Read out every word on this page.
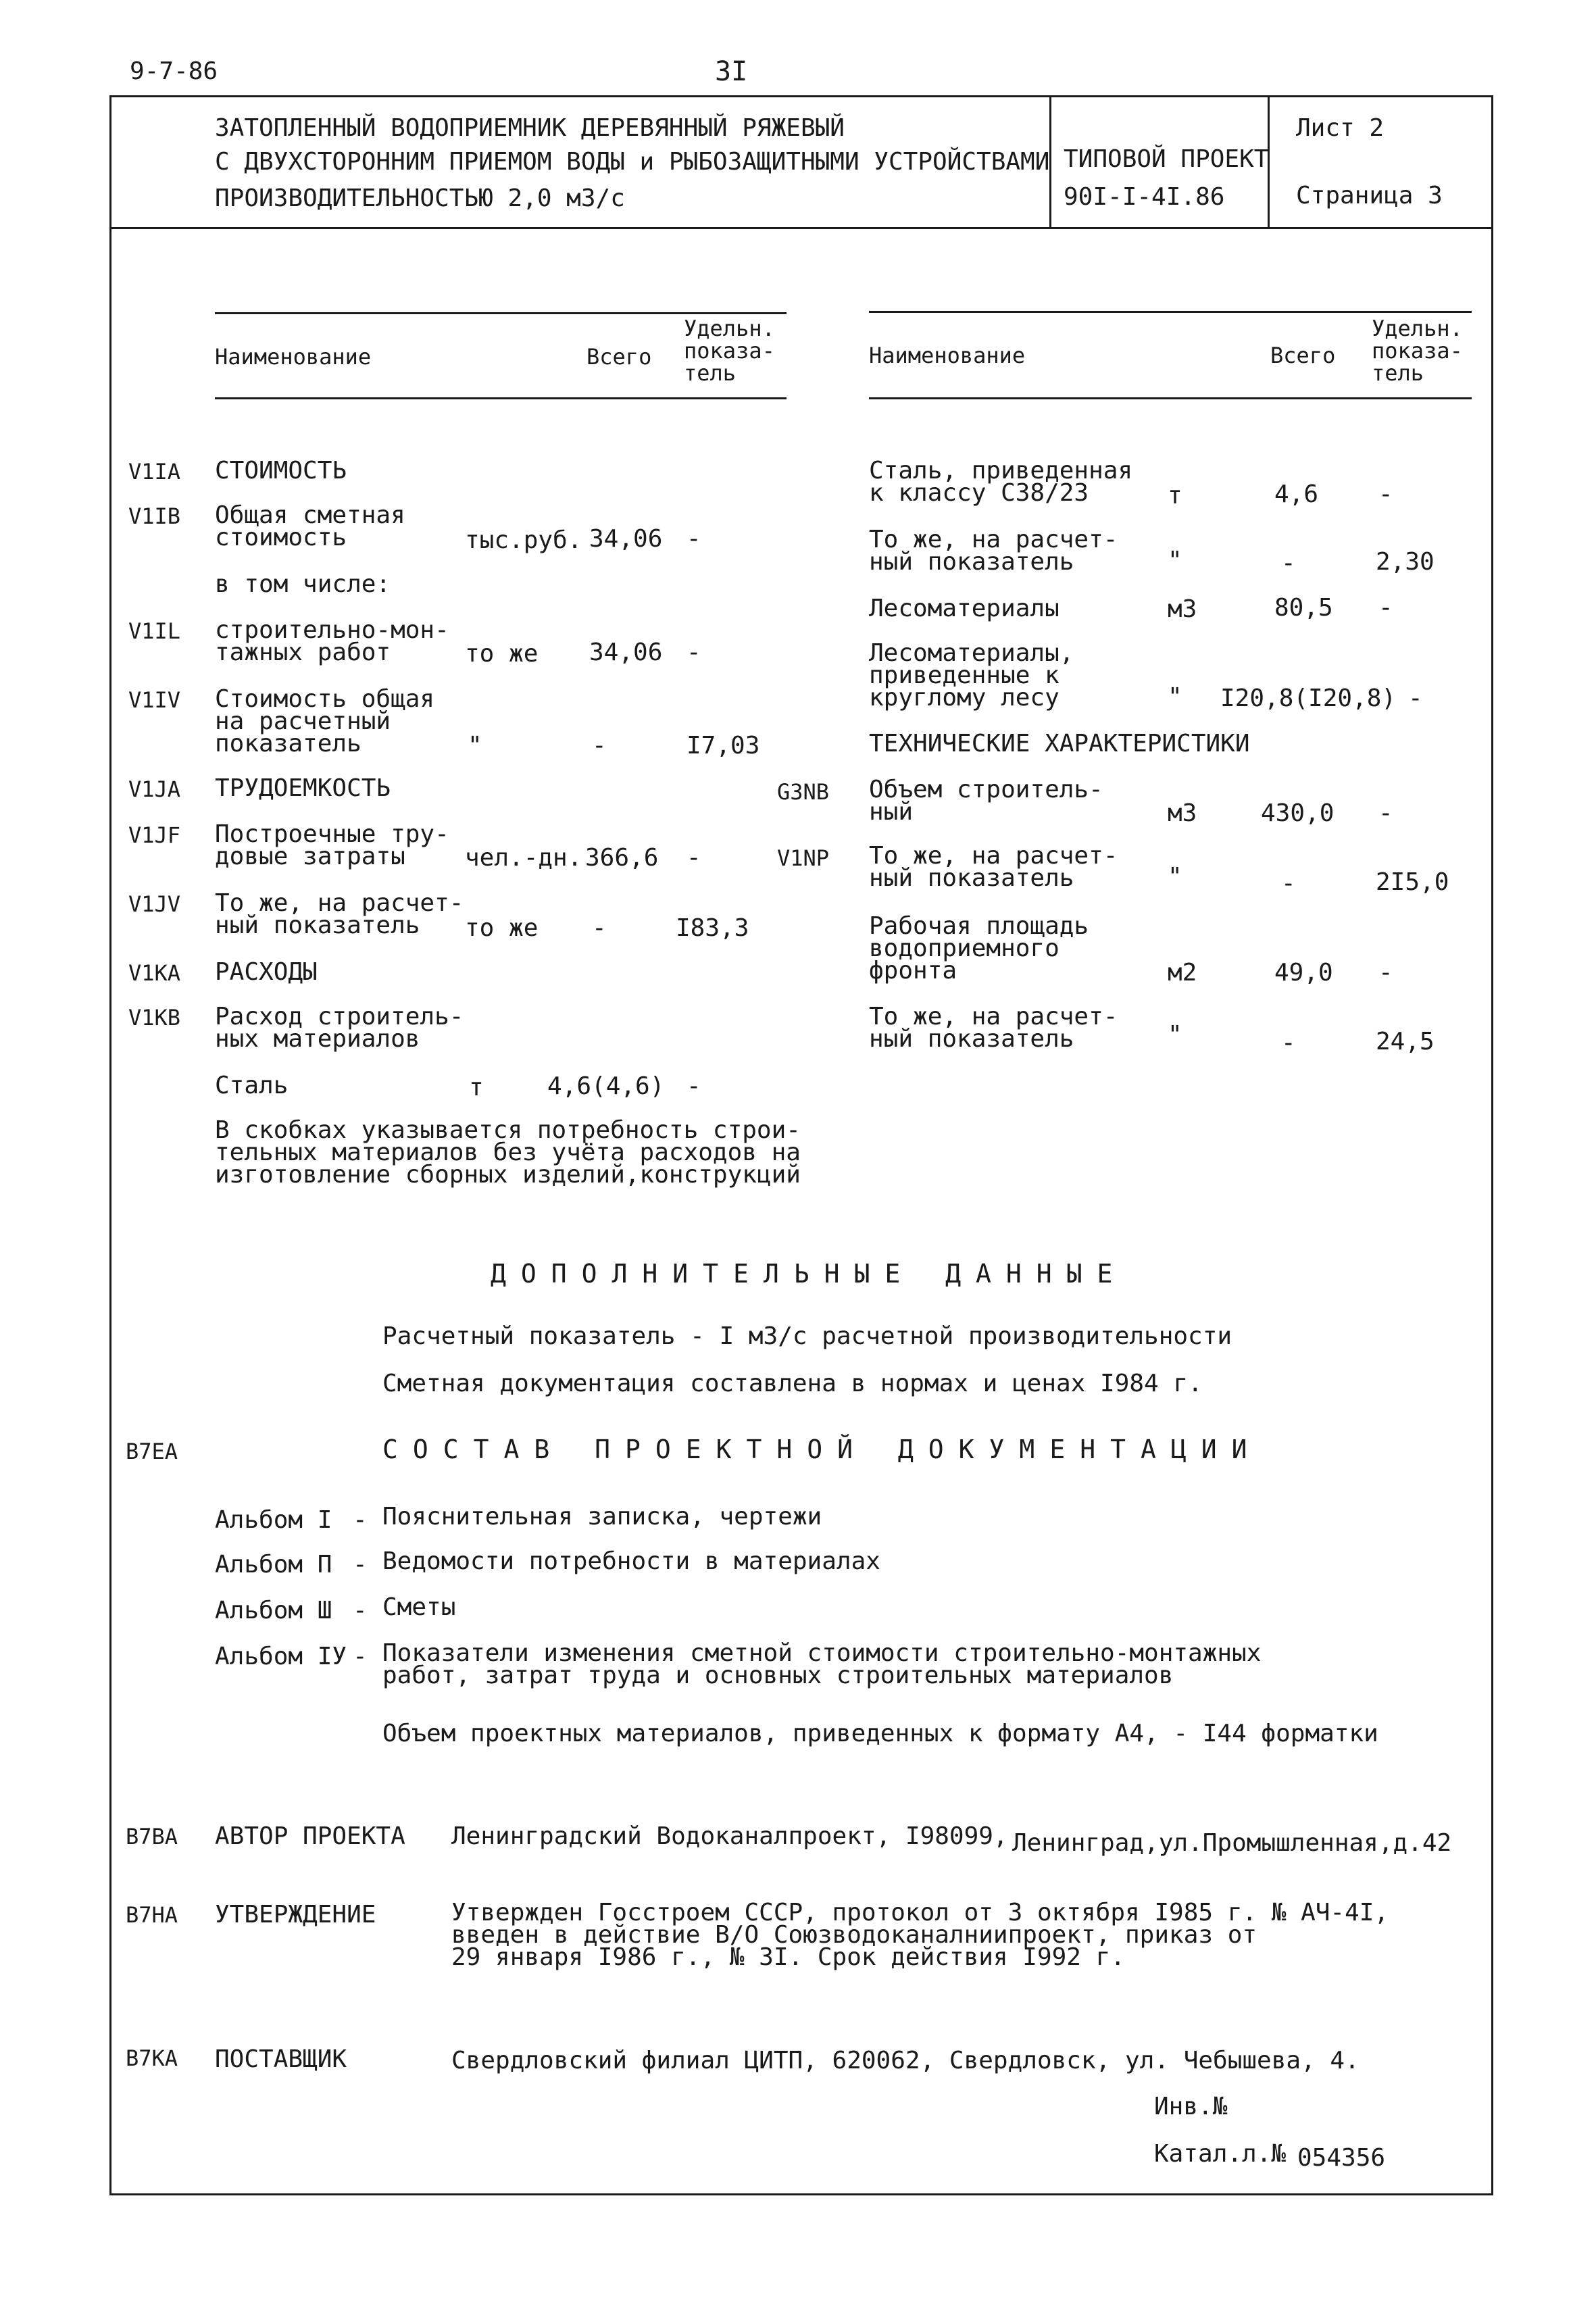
9-7-86	3I
ЗАТОПЛЕННЫЙ ВОДОПРИЕМНИК ДЕРЕВЯННЫЙ РЯЖЕВЫЙ
С ДВУХСТОРОННИМ ПРИЕМОМ ВОДЫ и РЫБОЗАЩИТНЫМИ УСТРОЙСТВАМИ
ПРОИЗВОДИТЕЛЬНОСТЬЮ 2,0 м3/с
ТИПОВОЙ ПРОЕКТ
90I-I-4I.86
Лист 2
Страница 3
Наименование	Всего
Удельн.
показа-
тель
V1IA СТОИМОСТЬ
V1IB Общая сметная
стоимость	тыс.руб. 34,06 -
в том числе:
V1IL строительно-мон-
тажных работ	то же 34,06 -
V1IV Стоимость общая
на расчетный
показатель	"	-	I7,03
V1JA ТРУДОЕМКОСТЬ
V1JF Построечные тру-
довые затраты	чел.-дн. 366,6 -
V1JV То же, на расчет-
ный показатель	то же -	I83,3
V1KA РАСХОДЫ
V1KB Расход строитель-
ных материалов
Сталь	т	4,6(4,6) -
В скобках указывается потребность строи-
тельных материалов без учёта расходов на
изготовление сборных изделий,конструкций
Наименование	Всего
Удельн.
показа-
тель
Сталь, приведенная
к классу С38/23	т	4,6 -
То же, на расчет-
ный показатель	"	-	2,30
Лесоматериалы	м3	80,5 -
Лесоматериалы,
приведенные к
круглому лесу	" I20,8(I20,8) -
ТЕХНИЧЕСКИЕ ХАРАКТЕРИСТИКИ
G3NB Объем строитель-
ный	м3	430,0 -
V1NP То же, на расчет-
ный показатель	"	-	2I5,0
Рабочая площадь
водоприемного
фронта	м2	49,0 -
То же, на расчет-
ный показатель	"	-	24,5
ДОПОЛНИТЕЛЬНЫЕ ДАННЫЕ
Расчетный показатель - I м3/с расчетной производительности
Сметная документация составлена в нормах и ценах I984 г.
В7ЕА	СОСТАВ ПРОЕКТНОЙ ДОКУМЕНТАЦИИ
Альбом I - Пояснительная записка, чертежи
Альбом П - Ведомости потребности в материалах
Альбом Ш - Сметы
Альбом IУ - Показатели изменения сметной стоимости строительно-монтажных
работ, затрат труда и основных строительных материалов
Объем проектных материалов, приведенных к формату А4, - I44 форматки
В7ВА АВТОР ПРОЕКТА Ленинградский Водоканалпроект, I98099, Ленинград,ул.Промышленная,д.42
В7НА УТВЕРЖДЕНИЕ	Утвержден Госстроем СССР, протокол от 3 октября I985 г. № АЧ-4I,
введен в действие В/О Союзводоканалниипроект, приказ от
29 января I986 г., № 3I. Срок действия I992 г.
В7КА ПОСТАВЩИК	Свердловский филиал ЦИТП, 620062, Свердловск, ул. Чебышева, 4.
Инв.№
Катал.л.№ 054356
